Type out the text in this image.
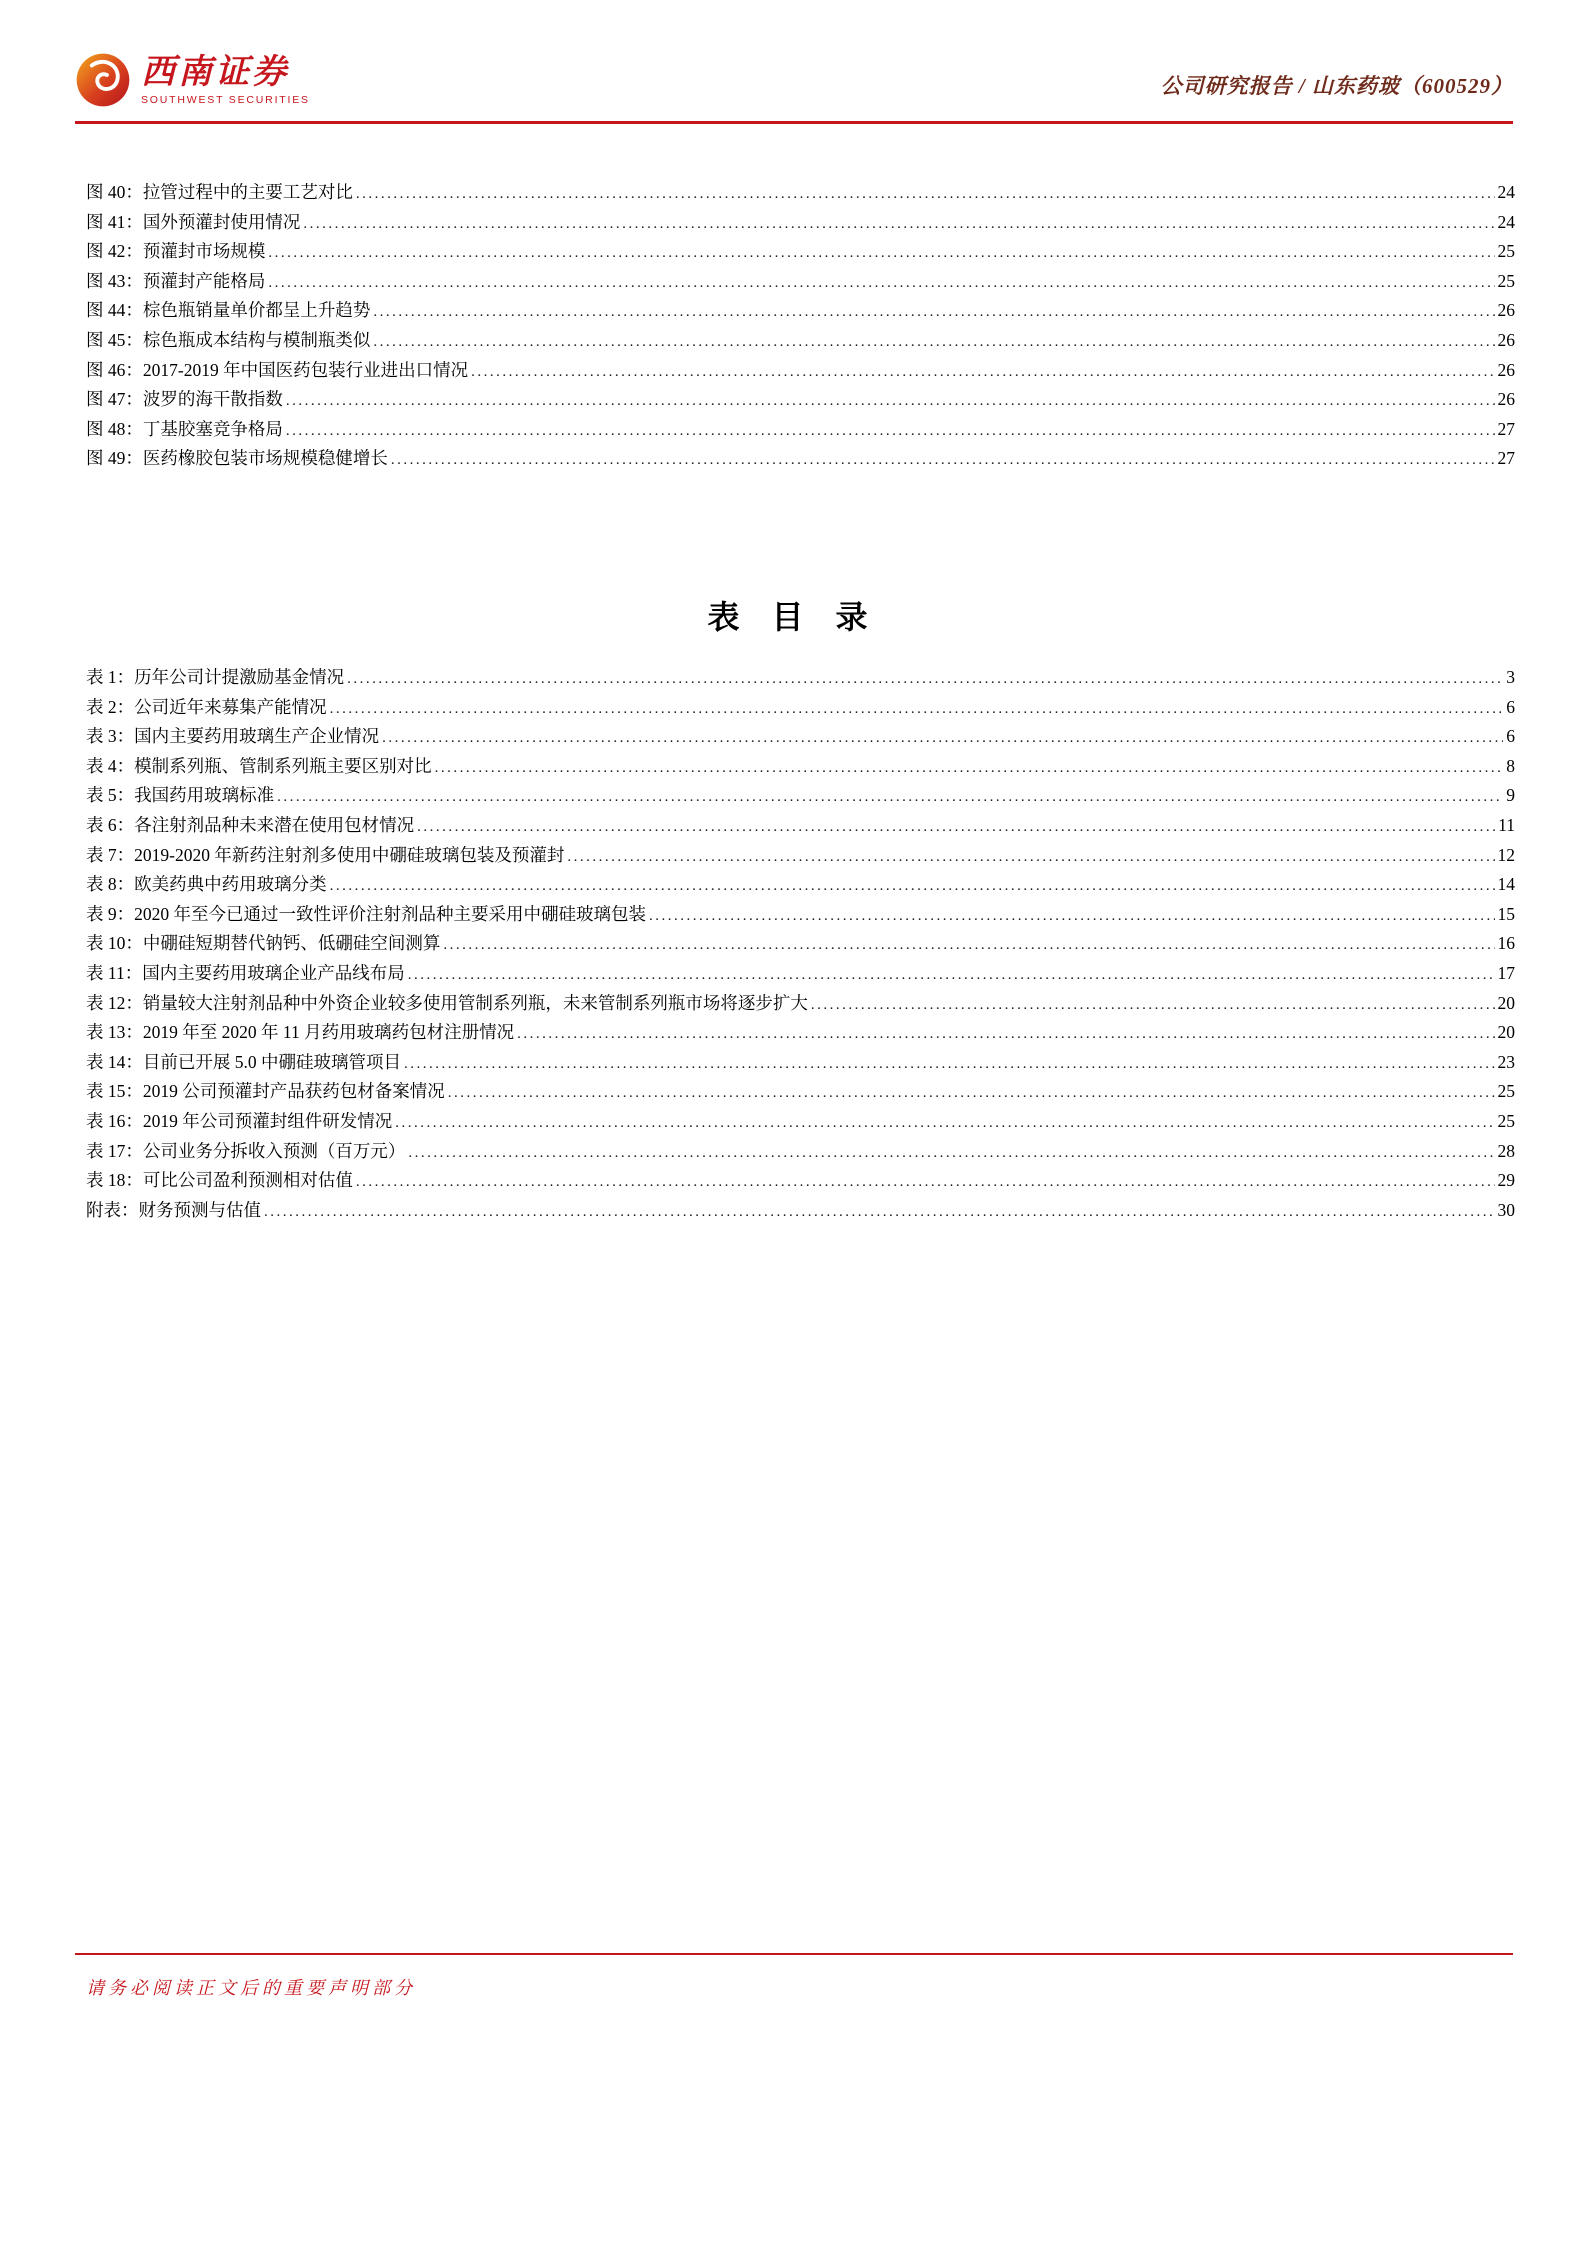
西南证券
SOUTHWEST SECURITIES
公司研究报告 / 山东药玻（600529）
图 40：拉管过程中的主要工艺对比 .....	24
图 41：国外预灌封使用情况 .....	24
图 42：预灌封市场规模 .....	25
图 43：预灌封产能格局 .....	25
图 44：棕色瓶销量单价都呈上升趋势 .....	26
图 45：棕色瓶成本结构与模制瓶类似 .....	26
图 46：2017-2019 年中国医药包装行业进出口情况 .....	26
图 47：波罗的海干散指数 .....	26
图 48：丁基胶塞竞争格局 .....	27
图 49：医药橡胶包装市场规模稳健增长 .....	27
表 目 录
表 1：历年公司计提激励基金情况 .....	3
表 2：公司近年来募集产能情况 .....	6
表 3：国内主要药用玻璃生产企业情况 .....	6
表 4：模制系列瓶、管制系列瓶主要区别对比 .....	8
表 5：我国药用玻璃标准 .....	9
表 6：各注射剂品种未来潜在使用包材情况 .....	11
表 7：2019-2020 年新药注射剂多使用中硼硅玻璃包装及预灌封 .....	12
表 8：欧美药典中药用玻璃分类 .....	14
表 9：2020 年至今已通过一致性评价注射剂品种主要采用中硼硅玻璃包装 .....	15
表 10：中硼硅短期替代钠钙、低硼硅空间测算 .....	16
表 11：国内主要药用玻璃企业产品线布局 .....	17
表 12：销量较大注射剂品种中外资企业较多使用管制系列瓶，未来管制系列瓶市场将逐步扩大 .....	20
表 13：2019 年至 2020 年 11 月药用玻璃药包材注册情况 .....	20
表 14：目前已开展 5.0 中硼硅玻璃管项目 .....	23
表 15：2019 公司预灌封产品获药包材备案情况 .....	25
表 16：2019 年公司预灌封组件研发情况 .....	25
表 17：公司业务分拆收入预测（百万元） .....	28
表 18：可比公司盈利预测相对估值 .....	29
附表：财务预测与估值 .....	30
请务必阅读正文后的重要声明部分
